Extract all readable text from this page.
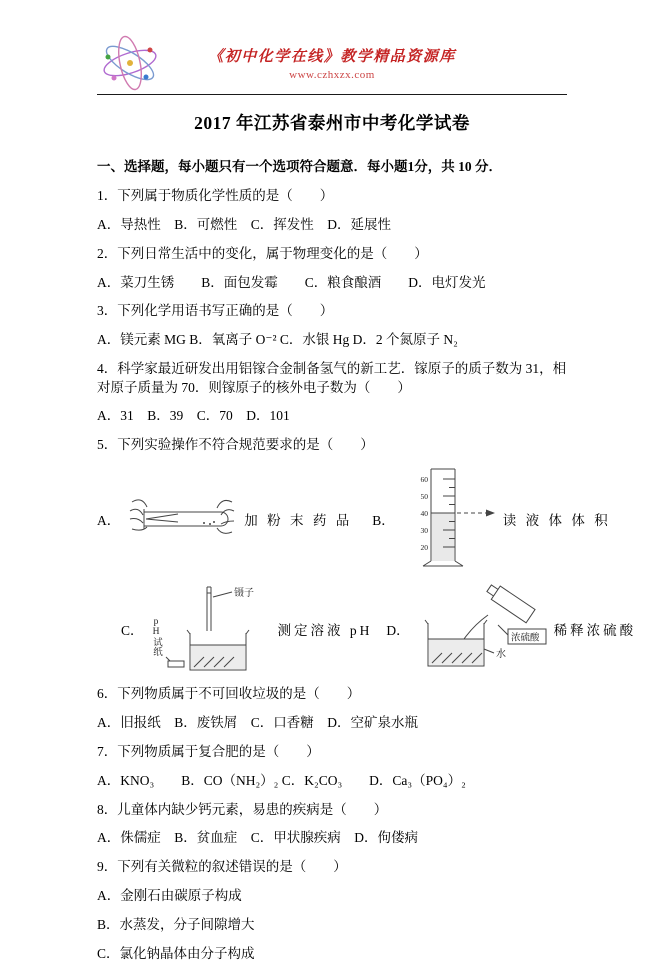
《初中化学在线》教学精品资源库
www.czhxzx.com
2017 年江苏省泰州市中考化学试卷

一、选择题，每小题只有一个选项符合题意．每小题1分，共 10 分．

1．下列属于物质化学性质的是（　　）

A．导热性　B．可燃性　C．挥发性　D．延展性

2．下列日常生活中的变化，属于物理变化的是（　　）

A．菜刀生锈　　B．面包发霉　　C．粮食酿酒　　D．电灯发光

3．下列化学用语书写正确的是（　　）

A．镁元素 MG B．氧离子 O⁻² C．水银 Hg D．2 个氮原子 N₂

4．科学家最近研发出用铝镓合金制备氢气的新工艺．镓原子的质子数为 31，相对原子质量为 70．则镓原子的核外电子数为（　　）

A．31　B．39　C．70　D．101

5．下列实验操作不符合规范要求的是（　　）

A．	加 粉 末 药 品 B．
60
50
40
30
20
读 液 体 体 积
C．
镊子
pH试纸	测定溶液 pH D．
浓硫酸
水
稀释浓硫酸

6．下列物质属于不可回收垃圾的是（　　）

A．旧报纸　B．废铁屑　C．口香糖　D．空矿泉水瓶

7．下列物质属于复合肥的是（　　）

A．KNO₃　　B．CO（NH₂）₂ C．K₂CO₃　　D．Ca₃（PO₄）₂

8．儿童体内缺少钙元素，易患的疾病是（　　）

A．侏儒症　B．贫血症　C．甲状腺疾病　D．佝偻病

9．下列有关微粒的叙述错误的是（　　）

A．金刚石由碳原子构成

B．水蒸发，分子间隙增大

C．氯化钠晶体由分子构成
